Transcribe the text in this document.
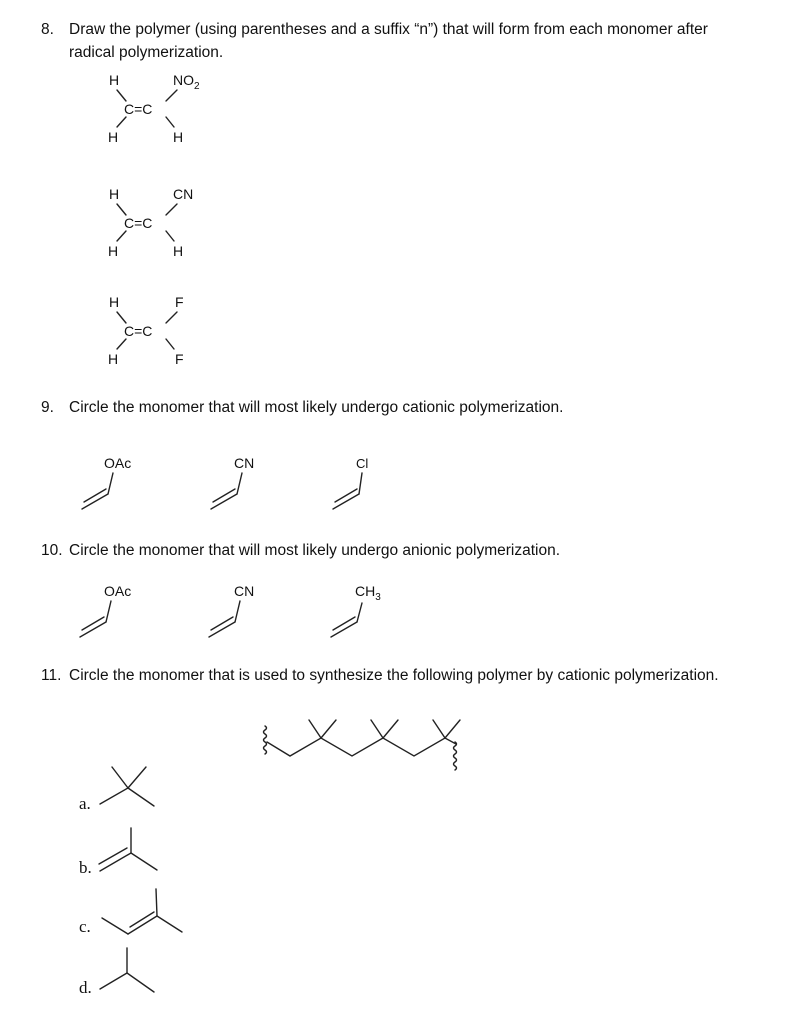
8. Draw the polymer (using parentheses and a suffix “n”) that will form from each monomer after
radical polymerization.
9. Circle the monomer that will most likely undergo cationic polymerization.
10. Circle the monomer that will most likely undergo anionic polymerization.
11. Circle the monomer that is used to synthesize the following polymer by cationic polymerization.
H	$NO_2$
C=C
H	H
H	CN
C=C
H	H
H	F
C=C
H	F
OAc	CN	Cl
OAc	CN	$CH_3$
a.
b.
c.
d.
